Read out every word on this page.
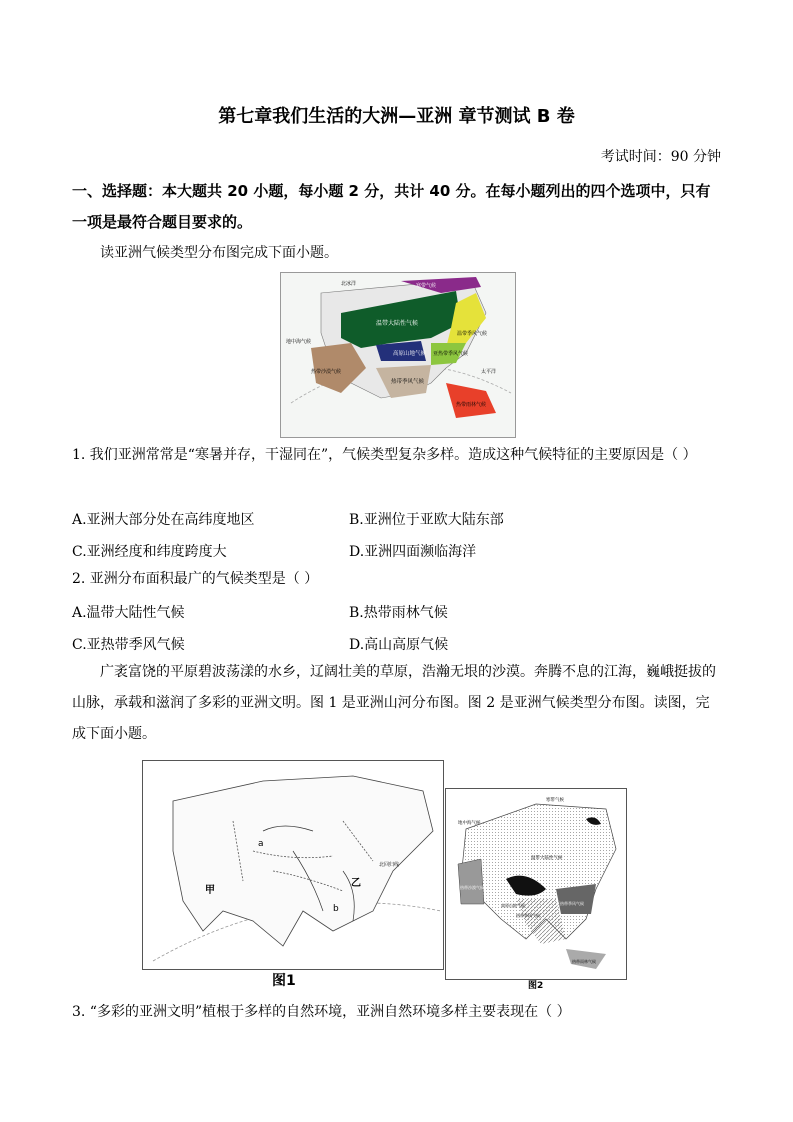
第七章我们生活的大洲—亚洲 章节测试 B 卷
考试时间：90 分钟
一、选择题：本大题共 20 小题，每小题 2 分，共计 40 分。在每小题列出的四个选项中，只有一项是最符合题目要求的。
读亚洲气候类型分布图完成下面小题。
温带大陆性气候
高原山地气候
热带季风气候
热带雨林气候
温带季风气候
亚热带季风气候
热带沙漠气候
地中海气候
寒带气候
北冰洋
太平洋
1. 我们亚洲常常是“寒暑并存，干湿同在”，气候类型复杂多样。造成这种气候特征的主要原因是（ ）
A.亚洲大部分处在高纬度地区	B.亚洲位于亚欧大陆东部
C.亚洲经度和纬度跨度大	D.亚洲四面濒临海洋
2. 亚洲分布面积最广的气候类型是（ ）
A.温带大陆性气候	B.热带雨林气候
C.亚热带季风气候	D.高山高原气候
广袤富饶的平原碧波荡漾的水乡，辽阔壮美的草原，浩瀚无垠的沙漠。奔腾不息的江海，巍峨挺拔的山脉，承载和滋润了多彩的亚洲文明。图 1 是亚洲山河分布图。图 2 是亚洲气候类型分布图。读图，完成下面小题。
a
b
甲
乙
北回归线
图1
寒带气候
地中海气候
温带大陆性气候
热带沙漠气候
高原山地气候	亚热带季风气候
热带季风气候
热带雨林气候
图2
3. “多彩的亚洲文明”植根于多样的自然环境，亚洲自然环境多样主要表现在（ ）
